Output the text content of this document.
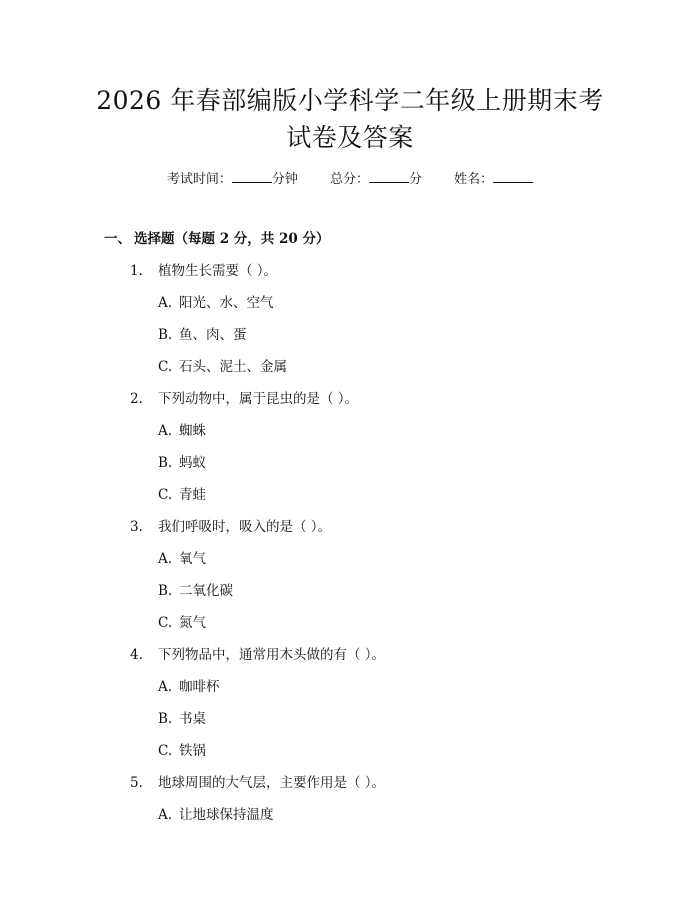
2026 年春部编版小学科学二年级上册期末考
试卷及答案
考试时间：	分钟 总分：	分 姓名：
一、 选择题（每题 2 分，共 20 分）
1. 植物生长需要（ ）。
A. 阳光、水、空气
B. 鱼、肉、蛋
C. 石头、泥土、金属
2. 下列动物中，属于昆虫的是（ ）。
A. 蜘蛛
B. 蚂蚁
C. 青蛙
3. 我们呼吸时，吸入的是（ ）。
A. 氧气
B. 二氧化碳
C. 氮气
4. 下列物品中，通常用木头做的有（ ）。
A. 咖啡杯
B. 书桌
C. 铁锅
5. 地球周围的大气层，主要作用是（ ）。
A. 让地球保持温度
